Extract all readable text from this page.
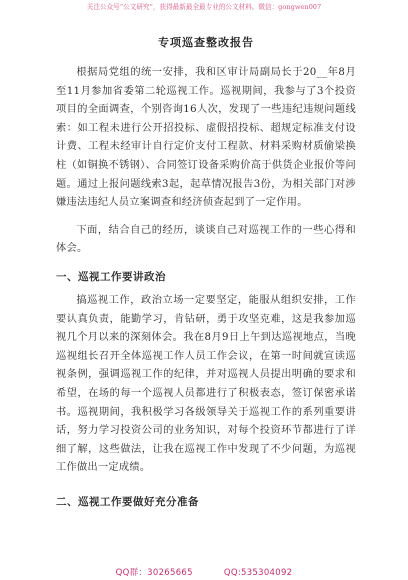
关注公众号“公文研究”，获得最新最全最专业的公文材料。微信：gongwen007
专项巡查整改报告

根据局党组的统一安排，我和区审计局副局长于20__年8月至11月参加省委第二轮巡视工作。巡视期间，我参与了3个投资项目的全面调查，个别咨询16人次，发现了一些违纪违规问题线索：如工程未进行公开招投标、虚假招投标、超规定标准支付设计费、工程未经审计自行定价支付工程款、材料采购材质偷梁换柱（如铜换不锈钢）、合同签订设备采购价高于供货企业报价等问题。通过上报问题线索3起，起草情况报告3份，为相关部门对涉嫌违法违纪人员立案调查和经济侦查起到了一定作用。

下面，结合自己的经历，谈谈自己对巡视工作的一些心得和体会。

一、巡视工作要讲政治

搞巡视工作，政治立场一定要坚定，能服从组织安排，工作要认真负责，能勤学习，肯钻研，勇于攻坚克难，这是我参加巡视几个月以来的深刻体会。我在8月9日上午到达巡视地点，当晚巡视组长召开全体巡视工作人员工作会议，在第一时间就宣读巡视条例，强调巡视工作的纪律，并对巡视人员提出明确的要求和希望，在场的每一个巡视人员都进行了积极表态，签订保密承诺书。巡视期间，我积极学习各级领导关于巡视工作的系列重要讲话，努力学习投资公司的业务知识，对每个投资环节都进行了详细了解，这些做法，让我在巡视工作中发现了不少问题，为巡视工作做出一定成绩。

二、巡视工作要做好充分准备
QQ群：30265665	QQ:535304092
